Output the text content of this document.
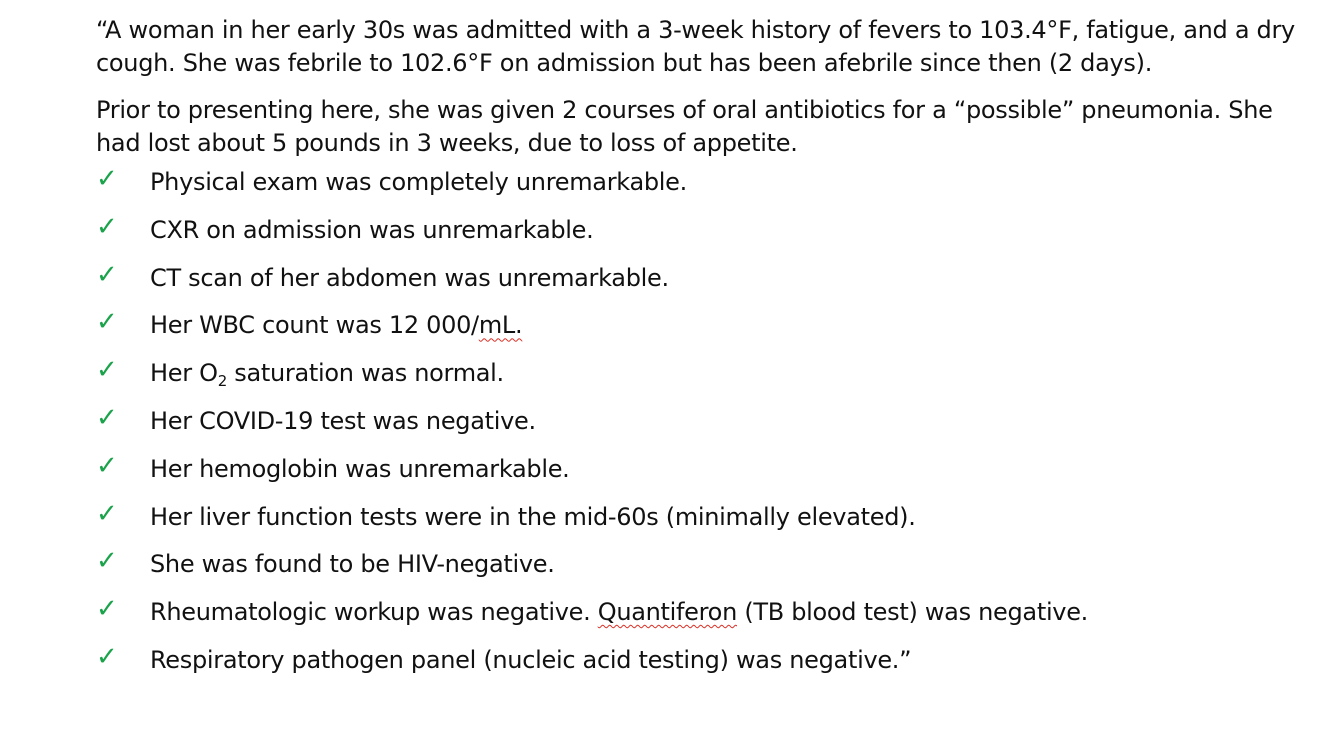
“A woman in her early 30s was admitted with a 3-week history of fevers to 103.4°F, fatigue, and a dry cough. She was febrile to 102.6°F on admission but has been afebrile since then (2 days).

Prior to presenting here, she was given 2 courses of oral antibiotics for a “possible” pneumonia. She had lost about 5 pounds in 3 weeks, due to loss of appetite.

✓	Physical exam was completely unremarkable.
✓	CXR on admission was unremarkable.
✓	CT scan of her abdomen was unremarkable.
✓	Her WBC count was 12 000/mL.
✓	Her $O_2$ saturation was normal.
✓	Her COVID-19 test was negative.
✓	Her hemoglobin was unremarkable.
✓	Her liver function tests were in the mid-60s (minimally elevated).
✓	She was found to be HIV-negative.
✓	Rheumatologic workup was negative. Quantiferon (TB blood test) was negative.
✓	Respiratory pathogen panel (nucleic acid testing) was negative.”
